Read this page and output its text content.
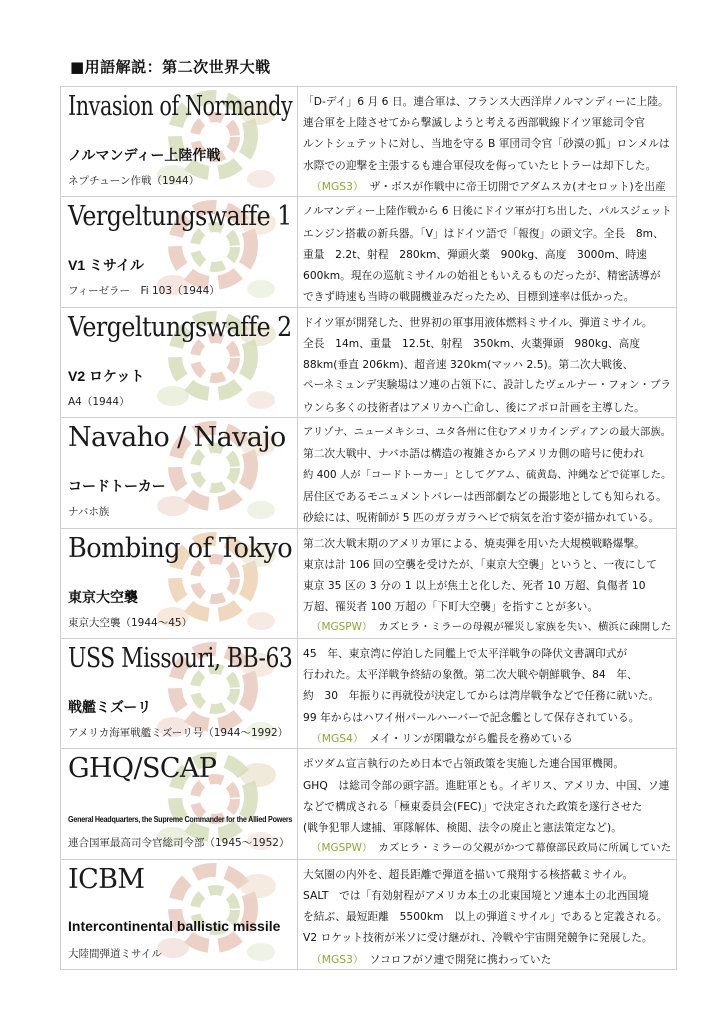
■用語解説：第二次世界大戦
Invasion of Normandy
ノルマンディー上陸作戦
ネプチューン作戦（1944）
「D-デイ」6 月 6 日。連合軍は、フランス大西洋岸ノルマンディーに上陸。
連合軍を上陸させてから撃滅しようと考える西部戦線ドイツ軍総司令官
ルントシュテットに対し、当地を守る B 軍団司令官「砂漠の狐」ロンメルは
水際での迎撃を主張するも連合軍侵攻を侮っていたヒトラーは却下した。
（MGS3） ザ・ボスが作戦中に帝王切開でアダムスカ(オセロット)を出産
Vergeltungswaffe 1
V1 ミサイル
フィーゼラー　Fi 103（1944）
ノルマンディー上陸作戦から 6 日後にドイツ軍が打ち出した、パルスジェット
エンジン搭載の新兵器。「V」はドイツ語で「報復」の頭文字。全長　8m、
重量　2.2t、射程　280km、弾頭火薬　900kg、高度　3000m、時速
600km。現在の巡航ミサイルの始祖ともいえるものだったが、精密誘導が
できず時速も当時の戦闘機並みだったため、目標到達率は低かった。
Vergeltungswaffe 2
V2 ロケット
A4（1944）
ドイツ軍が開発した、世界初の軍事用液体燃料ミサイル、弾道ミサイル。
全長　14m、重量　12.5t、射程　350km、火薬弾頭　980kg、高度
88km(垂直 206km)、超音速 320km(マッハ 2.5)。第二次大戦後、
ペーネミュンデ実験場はソ連の占領下に、設計したヴェルナー・フォン・ブラ
ウンら多くの技術者はアメリカへ亡命し、後にアポロ計画を主導した。
Navaho / Navajo
コードトーカー
ナバホ族
アリゾナ、ニューメキシコ、ユタ各州に住むアメリカインディアンの最大部族。
第二次大戦中、ナバホ語は構造の複雑さからアメリカ側の暗号に使われ
約 400 人が「コードトーカー」としてグアム、硫黄島、沖縄などで従軍した。
居住区であるモニュメントバレーは西部劇などの撮影地としても知られる。
砂絵には、呪術師が 5 匹のガラガラヘビで病気を治す姿が描かれている。
Bombing of Tokyo
東京大空襲
東京大空襲（1944～45）
第二次大戦末期のアメリカ軍による、焼夷弾を用いた大規模戦略爆撃。
東京は計 106 回の空襲を受けたが、「東京大空襲」というと、一夜にして
東京 35 区の 3 分の 1 以上が焦土と化した、死者 10 万超、負傷者 10
万超、罹災者 100 万超の「下町大空襲」を指すことが多い。
（MGSPW） カズヒラ・ミラーの母親が罹災し家族を失い、横浜に疎開した
USS Missouri, BB-63
戦艦ミズーリ
アメリカ海軍戦艦ミズーリ号（1944～1992）
45　年、東京湾に停泊した同艦上で太平洋戦争の降伏文書調印式が
行われた。太平洋戦争終結の象徴。第二次大戦や朝鮮戦争、84　年、
約　30　年振りに再就役が決定してからは湾岸戦争などで任務に就いた。
99 年からはハワイ州パールハーバーで記念艦として保存されている。
（MGS4） メイ・リンが閑職ながら艦長を務めている
GHQ/SCAP
General Headquarters, the Supreme Commander for the Allied Powers
連合国軍最高司令官総司令部（1945～1952）
ポツダム宣言執行のため日本で占領政策を実施した連合国軍機関。
GHQ　は総司令部の頭字語。進駐軍とも。イギリス、アメリカ、中国、ソ連
などで構成される「極東委員会(FEC)」で決定された政策を遂行させた
(戦争犯罪人逮捕、軍隊解体、検閲、法令の廃止と憲法策定など)。
（MGSPW） カズヒラ・ミラーの父親がかつて幕僚部民政局に所属していた
ICBM
Intercontinental ballistic missile
大陸間弾道ミサイル
大気圏の内外を、超長距離で弾道を描いて飛翔する核搭載ミサイル。
SALT　では「有効射程がアメリカ本土の北東国境とソ連本土の北西国境
を結ぶ、最短距離　5500km　以上の弾道ミサイル」であると定義される。
V2 ロケット技術が米ソに受け継がれ、冷戦や宇宙開発競争に発展した。
（MGS3） ソコロフがソ連で開発に携わっていた
